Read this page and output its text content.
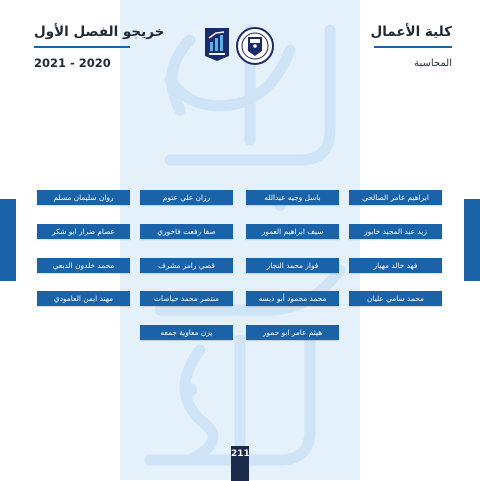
كلية الأعمال
المحاسبة
خريجو الفصل الأول
2021 - 2020
روان سليمان مسلم	رزان علي عتوم	باسل وجيه عبدالله	ابراهيم عامر الصالحي
عصام ضرار ابو شكر	صفا رفعت فاخوري	سيف ابراهيم العمور	زيد عبد المجيد خابور
محمد خلدون الدبعي	قصي رامز مشرف	فواز محمد النجار	فهد خالد مهيار
مهند ايمن العامودي	منتصر محمد حياصات	محمد محمود أبو دبسه	محمد سامي عليان
يزن معاوية جمعه	هيثم عامر ابو حمور
211
